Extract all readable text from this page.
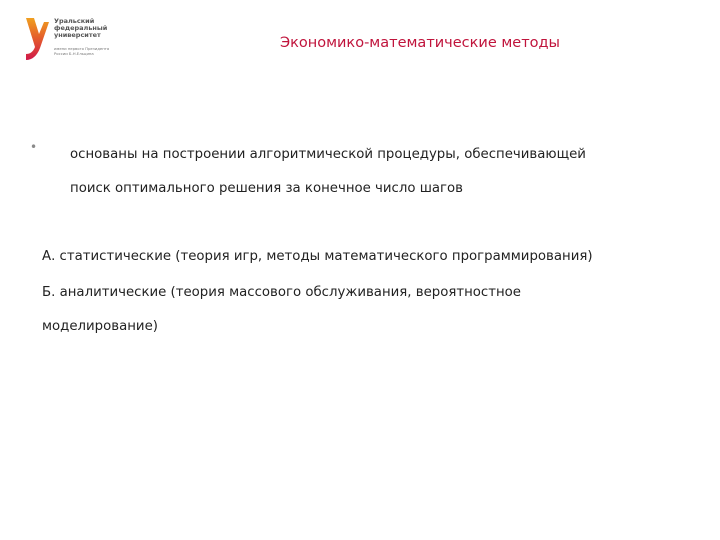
Уральский
федеральный
университет
имени первого Президента
России Б.Н.Ельцина
Экономико-математические методы
• основаны на построении алгоритмической процедуры, обеспечивающей
поиск оптимального решения за конечное число шагов
А. статистические (теория игр, методы математического программирования)
Б. аналитические (теория массового обслуживания, вероятностное
моделирование)
